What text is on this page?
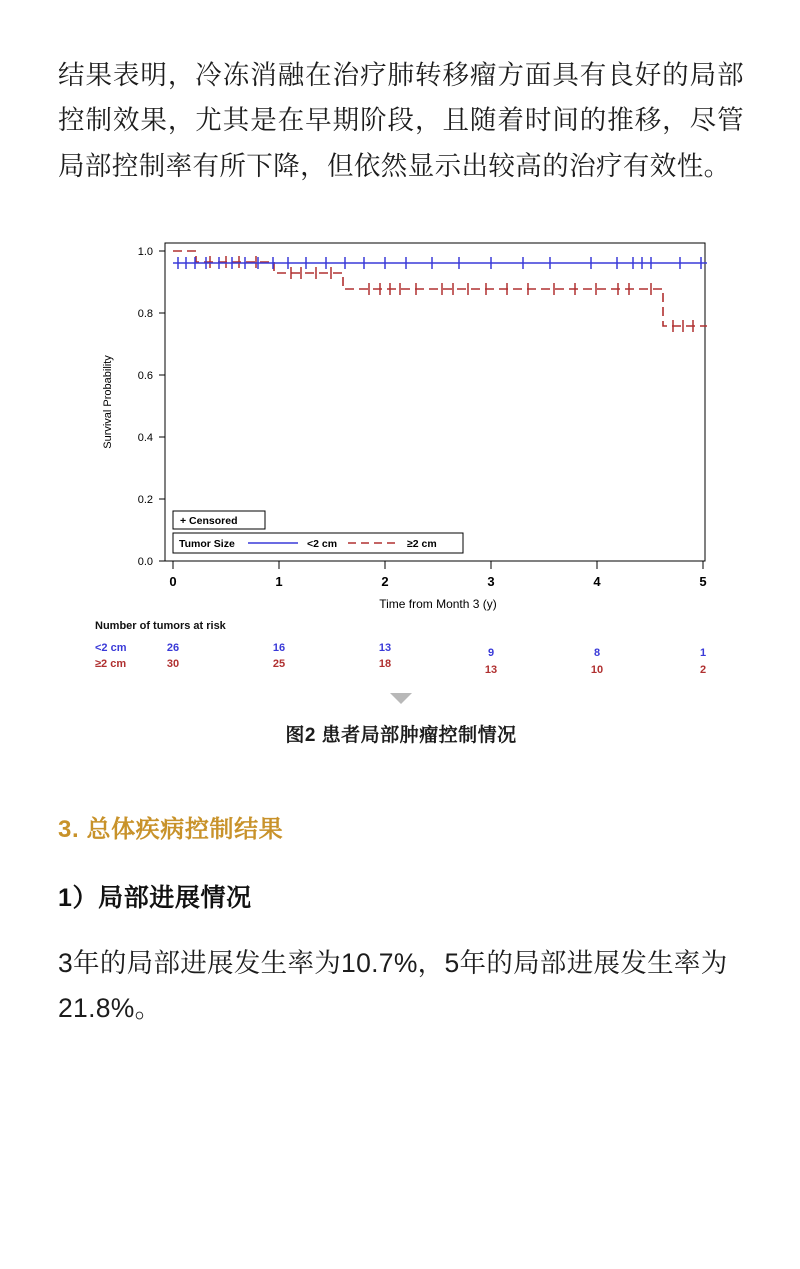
结果表明，冷冻消融在治疗肺转移瘤方面具有良好的局部控制效果，尤其是在早期阶段，且随着时间的推移，尽管局部控制率有所下降，但依然显示出较高的治疗有效性。

1.0
0.8
0.6
0.4
0.2
0.0
Survival Probability
0	1	2	3	4	5
Time from Month 3 (y)
+ Censored
Tumor Size	<2 cm	≥2 cm
Number of tumors at risk
<2 cm	26	16	13	9	8	1
≥2 cm	30	25	18	13	10	2
图2 患者局部肿瘤控制情况
3. 总体疾病控制结果
1）局部进展情况

3年的局部进展发生率为10.7%，5年的局部进展发生率为21.8%。
